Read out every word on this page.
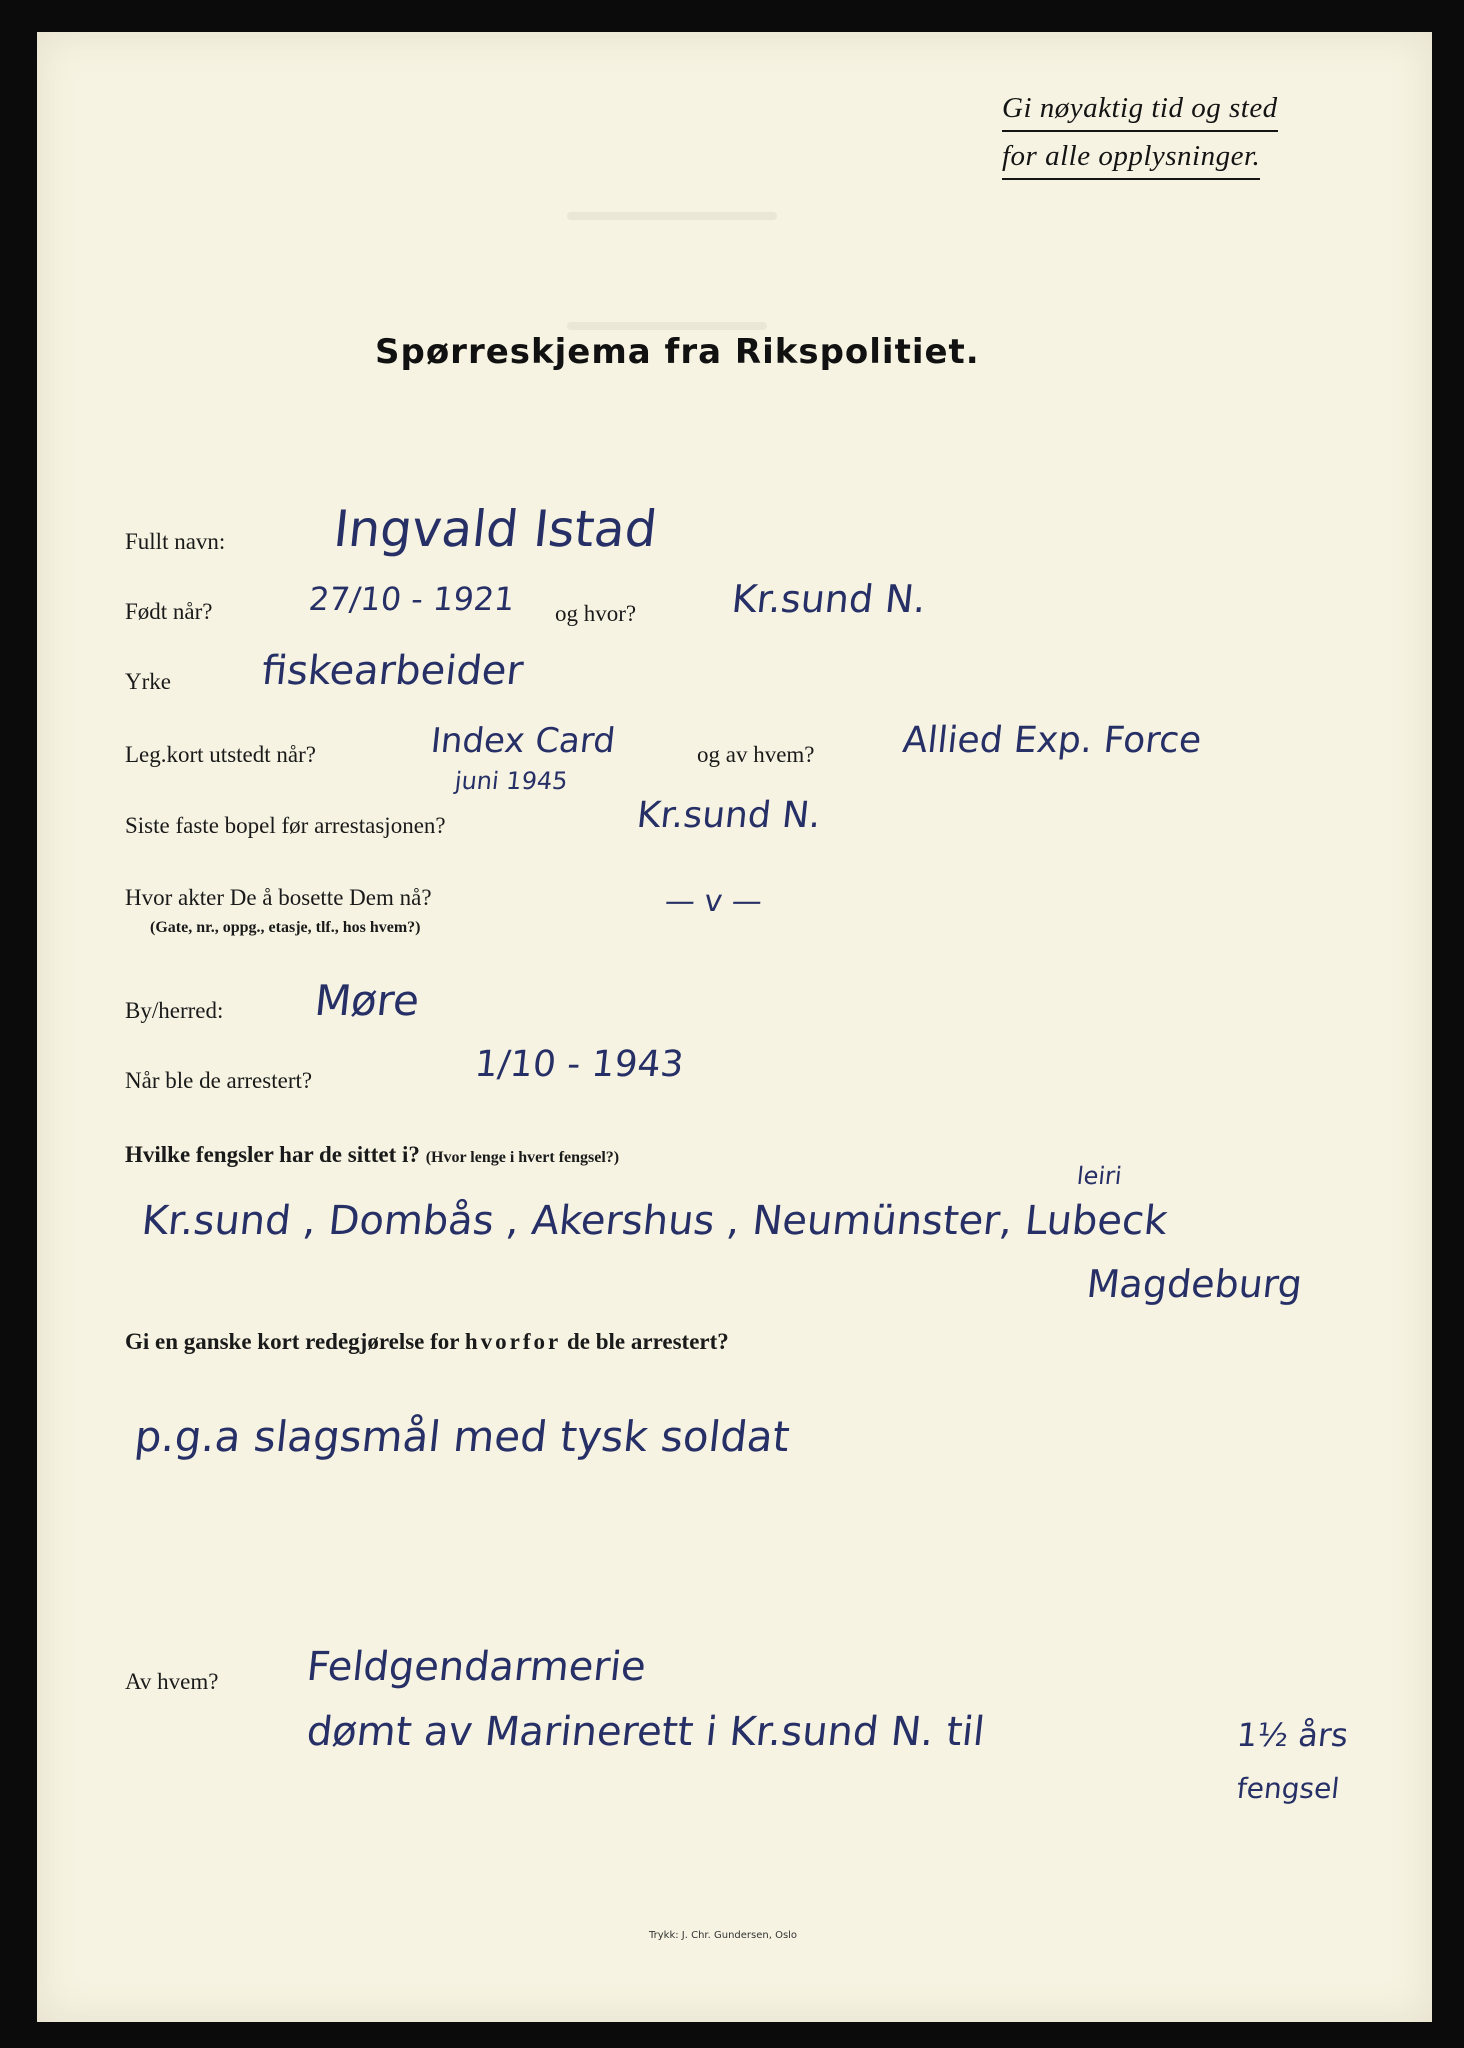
Gi nøyaktig tid og sted
for alle opplysninger.
Spørreskjema fra Rikspolitiet.
Fullt navn: Ingvald Istad
Født når?	27/10 - 1921 og hvor? Kr.sund N.
Yrke fiskearbeider
Leg.kort utstedt når?	Index Card
juni 1945
og av hvem? Allied Exp. Force
Siste faste bopel før arrestasjonen?	Kr.sund N.
Hvor akter De å bosette Dem nå?
(Gate, nr., oppg., etasje, tlf., hos hvem?)
— v —
By/herred: Møre
Når ble de arrestert?	1/10 - 1943
Hvilke fengsler har de sittet i? (Hvor lenge i hvert fengsel?)
leiri
Kr.sund , Dombås , Akershus , Neumünster, Lubeck
Magdeburg
Gi en ganske kort redegjørelse for hvorfor de ble arrestert?
p.g.a slagsmål med tysk soldat
Av hvem? Feldgendarmerie
dømt av Marinerett i Kr.sund N. til	1½ års
fengsel
Trykk: J. Chr. Gundersen, Oslo
